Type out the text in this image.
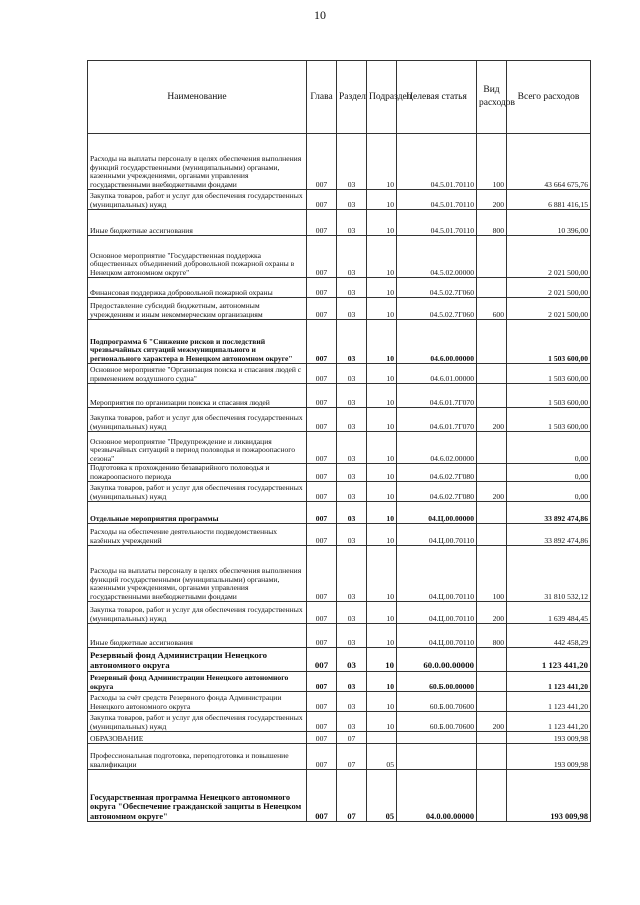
10
Наименование	Глава	Раздел	Подраздел	Целевая статья	Вид расходов	Всего расходов
Расходы на выплаты персоналу в целях обеспечения выполнения функций государственными (муниципальными) органами, казенными учреждениями, органами управления государственными внебюджетными фондами	007	03	10	04.5.01.70110	100	43 664 675,76
Закупка товаров, работ и услуг для обеспечения государственных (муниципальных) нужд	007	03	10	04.5.01.70110	200	6 881 416,15
Иные бюджетные ассигнования	007	03	10	04.5.01.70110	800	10 396,00
Основное мероприятие "Государственная поддержка общественных объединений добровольной пожарной охраны в Ненецком автономном округе"	007	03	10	04.5.02.00000		2 021 500,00
Финансовая поддержка добровольной пожарной охраны	007	03	10	04.5.02.7Г060		2 021 500,00
Предоставление субсидий бюджетным, автономным учреждениям и иным некоммерческим организациям	007	03	10	04.5.02.7Г060	600	2 021 500,00
Подпрограмма 6 "Снижение рисков и последствий чрезвычайных ситуаций межмуниципального и регионального характера в Ненецком автономном округе"	007	03	10	04.6.00.00000		1 503 600,00
Основное мероприятие "Организация поиска и спасания людей с применением воздушного судна"	007	03	10	04.6.01.00000		1 503 600,00
Мероприятия по организации поиска и спасания людей	007	03	10	04.6.01.7Г070		1 503 600,00
Закупка товаров, работ и услуг для обеспечения государственных (муниципальных) нужд	007	03	10	04.6.01.7Г070	200	1 503 600,00
Основное мероприятие "Предупреждение и ликвидация чрезвычайных ситуаций в период половодья и пожароопасного сезона"	007	03	10	04.6.02.00000		0,00
Подготовка к прохождению безаварийного половодья и пожароопасного периода	007	03	10	04.6.02.7Г080		0,00
Закупка товаров, работ и услуг для обеспечения государственных (муниципальных) нужд	007	03	10	04.6.02.7Г080	200	0,00
Отдельные мероприятия программы	007	03	10	04.Ц.00.00000		33 892 474,86
Расходы на обеспечение деятельности подведомственных казённых учреждений	007	03	10	04.Ц.00.70110		33 892 474,86
Расходы на выплаты персоналу в целях обеспечения выполнения функций государственными (муниципальными) органами, казенными учреждениями, органами управления государственными внебюджетными фондами	007	03	10	04.Ц.00.70110	100	31 810 532,12
Закупка товаров, работ и услуг для обеспечения государственных (муниципальных) нужд	007	03	10	04.Ц.00.70110	200	1 639 484,45
Иные бюджетные ассигнования	007	03	10	04.Ц.00.70110	800	442 458,29
Резервный фонд Администрации Ненецкого автономного округа	007	03	10	60.0.00.00000		1 123 441,20
Резервный фонд Администрации Ненецкого автономного округа	007	03	10	60.Б.00.00000		1 123 441,20
Расходы за счёт средств Резервного фонда Администрации Ненецкого автономного округа	007	03	10	60.Б.00.70600		1 123 441,20
Закупка товаров, работ и услуг для обеспечения государственных (муниципальных) нужд	007	03	10	60.Б.00.70600	200	1 123 441,20
ОБРАЗОВАНИЕ	007	07				193 009,98
Профессиональная подготовка, переподготовка и повышение квалификации	007	07	05			193 009,98
Государственная программа Ненецкого автономного округа "Обеспечение гражданской защиты в Ненецком автономном округе"	007	07	05	04.0.00.00000		193 009,98
